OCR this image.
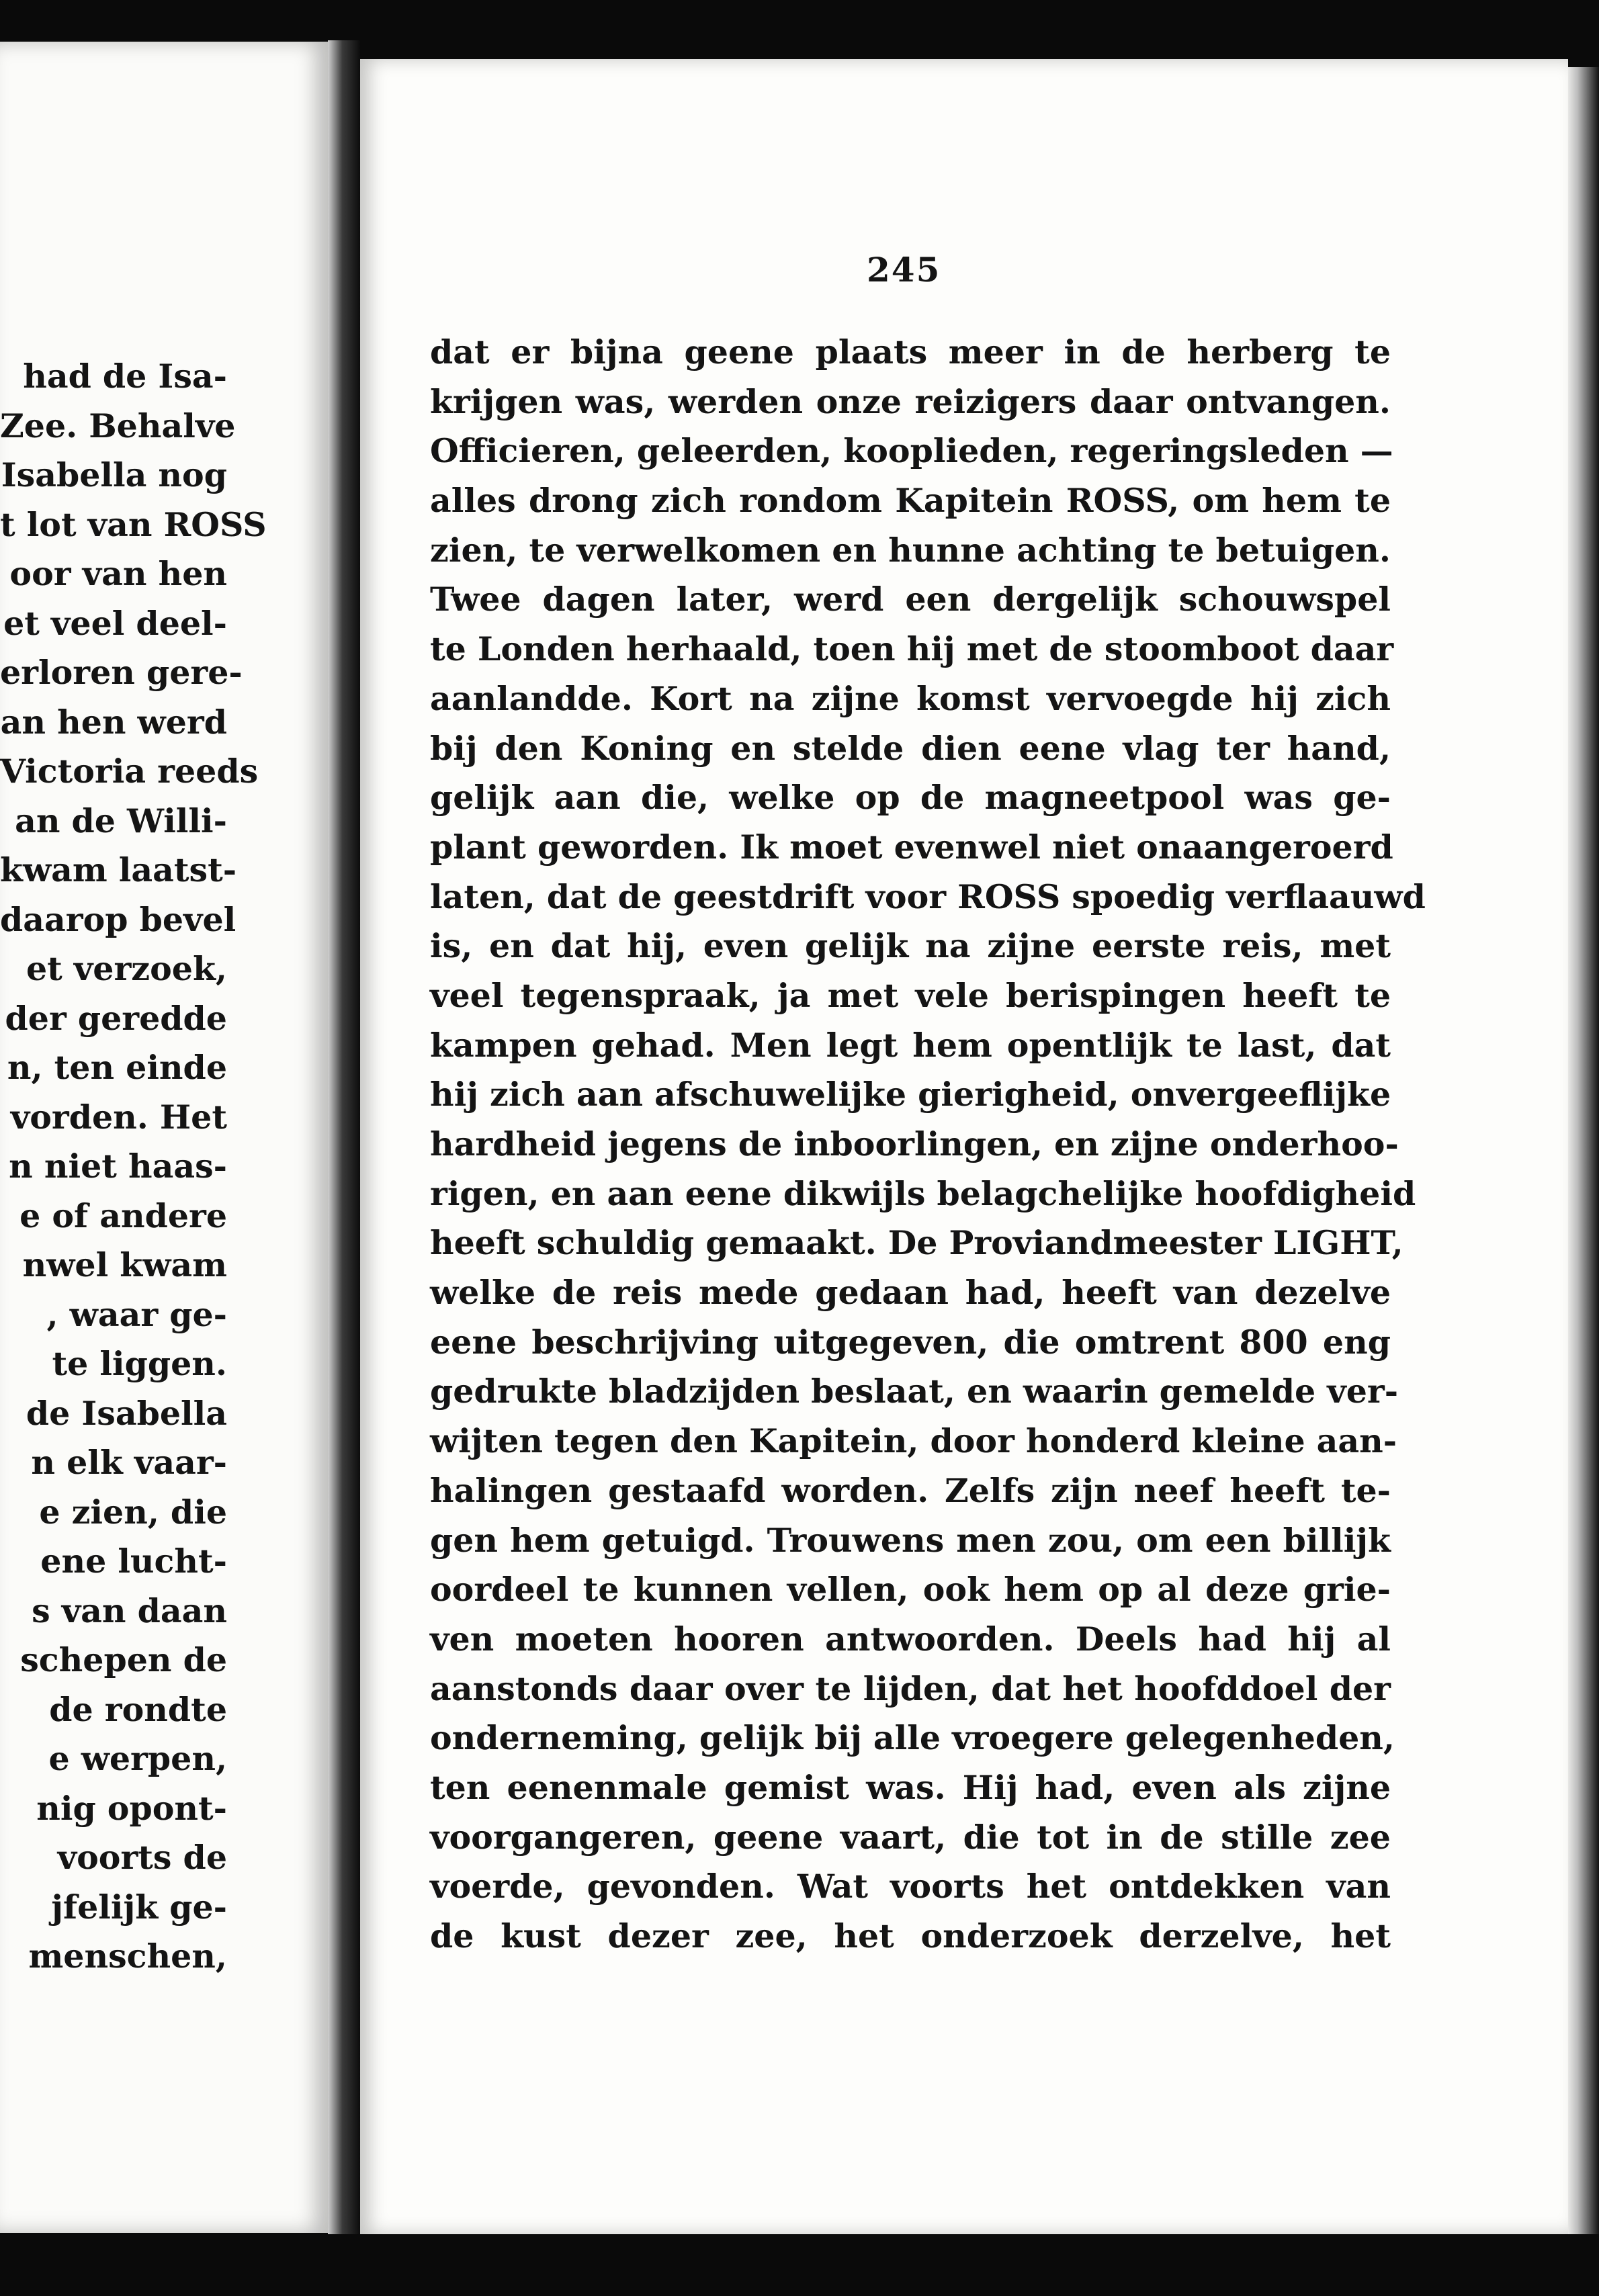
had de Isa-
Zee. Behalve
Isabella nog
t lot van ROSS
oor van hen
et veel deel-
erloren gere-
an hen werd
Victoria reeds
an de Willi-
kwam laatst-
daarop bevel
et verzoek,
der geredde
n, ten einde
vorden. Het
n niet haas-
e of andere
nwel kwam
, waar ge-
te liggen.
de Isabella
n elk vaar-
e zien, die
ene lucht-
s van daan
schepen de
de rondte
e werpen,
nig opont-
voorts de
jfelijk ge-
menschen,
245
dat er bijna geene plaats meer in de herberg te
krijgen was, werden onze reizigers daar ontvangen.
Officieren, geleerden, kooplieden, regeringsleden —
alles drong zich rondom Kapitein ROSS, om hem te
zien, te verwelkomen en hunne achting te betuigen.
Twee dagen later, werd een dergelijk schouwspel
te Londen herhaald, toen hij met de stoomboot daar
aanlandde. Kort na zijne komst vervoegde hij zich
bij den Koning en stelde dien eene vlag ter hand,
gelijk aan die, welke op de magneetpool was ge-
plant geworden. Ik moet evenwel niet onaangeroerd
laten, dat de geestdrift voor ROSS spoedig verflaauwd
is, en dat hij, even gelijk na zijne eerste reis, met
veel tegenspraak, ja met vele berispingen heeft te
kampen gehad. Men legt hem opentlijk te last, dat
hij zich aan afschuwelijke gierigheid, onvergeeflijke
hardheid jegens de inboorlingen, en zijne onderhoo-
rigen, en aan eene dikwijls belagchelijke hoofdigheid
heeft schuldig gemaakt. De Proviandmeester LIGHT,
welke de reis mede gedaan had, heeft van dezelve
eene beschrijving uitgegeven, die omtrent 800 eng
gedrukte bladzijden beslaat, en waarin gemelde ver-
wijten tegen den Kapitein, door honderd kleine aan-
halingen gestaafd worden. Zelfs zijn neef heeft te-
gen hem getuigd. Trouwens men zou, om een billijk
oordeel te kunnen vellen, ook hem op al deze grie-
ven moeten hooren antwoorden. Deels had hij al
aanstonds daar over te lijden, dat het hoofddoel der
onderneming, gelijk bij alle vroegere gelegenheden,
ten eenenmale gemist was. Hij had, even als zijne
voorgangeren, geene vaart, die tot in de stille zee
voerde, gevonden. Wat voorts het ontdekken van
de kust dezer zee, het onderzoek derzelve, het
